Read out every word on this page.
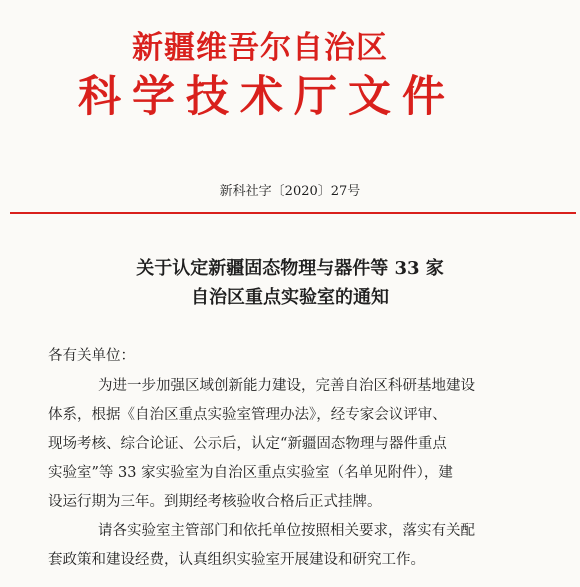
新疆维吾尔自治区
科学技术厅文件
新科社字〔2020〕27号
关于认定新疆固态物理与器件等 33 家
自治区重点实验室的通知
各有关单位：
为进一步加强区域创新能力建设，完善自治区科研基地建设
体系，根据《自治区重点实验室管理办法》，经专家会议评审、
现场考核、综合论证、公示后，认定“新疆固态物理与器件重点
实验室”等 33 家实验室为自治区重点实验室（名单见附件），建
设运行期为三年。到期经考核验收合格后正式挂牌。
请各实验室主管部门和依托单位按照相关要求，落实有关配
套政策和建设经费，认真组织实验室开展建设和研究工作。
